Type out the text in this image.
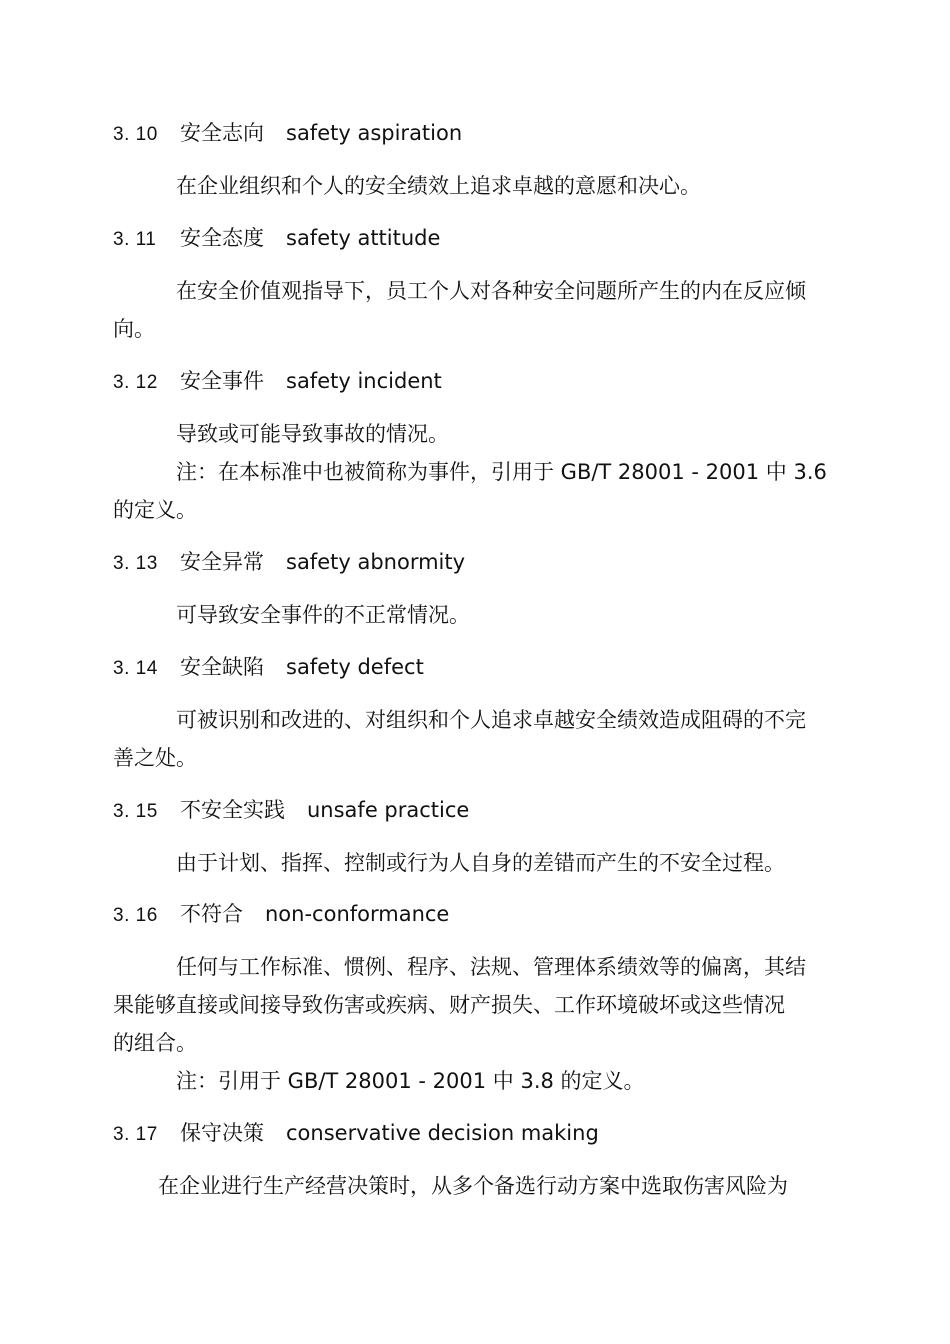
3. 10 安全志向 safety aspiration
在企业组织和个人的安全绩效上追求卓越的意愿和决心。
3. 11 安全态度 safety attitude
在安全价值观指导下，员工个人对各种安全问题所产生的内在反应倾
向。
3. 12 安全事件 safety incident
导致或可能导致事故的情况。
注：在本标准中也被简称为事件，引用于 GB/T 28001 - 2001 中 3.6
的定义。
3. 13 安全异常 safety abnormity
可导致安全事件的不正常情况。
3. 14 安全缺陷 safety defect
可被识别和改进的、对组织和个人追求卓越安全绩效造成阻碍的不完
善之处。
3. 15 不安全实践 unsafe practice
由于计划、指挥、控制或行为人自身的差错而产生的不安全过程。
3. 16 不符合 non-conformance
任何与工作标准、惯例、程序、法规、管理体系绩效等的偏离，其结
果能够直接或间接导致伤害或疾病、财产损失、工作环境破坏或这些情况
的组合。
注：引用于 GB/T 28001 - 2001 中 3.8 的定义。
3. 17 保守决策 conservative decision making
在企业进行生产经营决策时，从多个备选行动方案中选取伤害风险为
